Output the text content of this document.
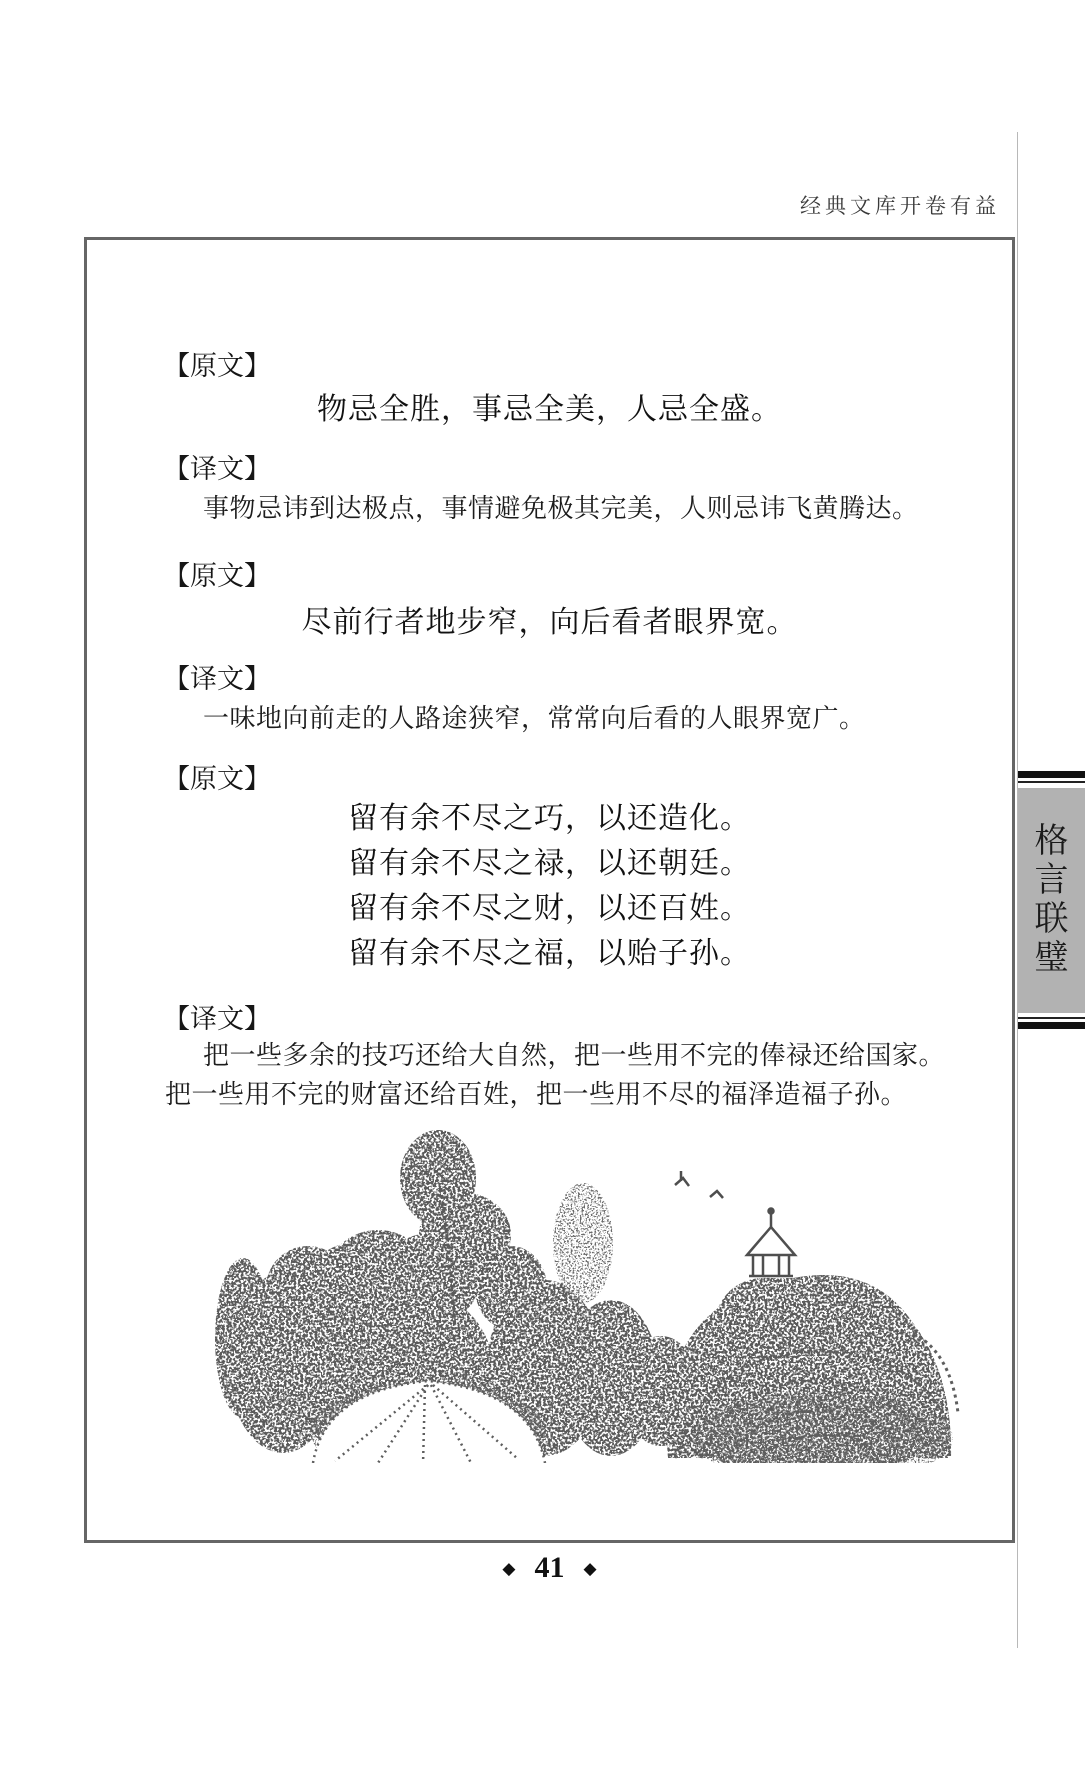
经典文库开卷有益
【原文】
物忌全胜，事忌全美，人忌全盛。
【译文】
事物忌讳到达极点，事情避免极其完美，人则忌讳飞黄腾达。
【原文】
尽前行者地步窄，向后看者眼界宽。
【译文】
一味地向前走的人路途狭窄，常常向后看的人眼界宽广。
【原文】
留有余不尽之巧，以还造化。
留有余不尽之禄，以还朝廷。
留有余不尽之财，以还百姓。
留有余不尽之福，以贻子孙。
【译文】

把一些多余的技巧还给大自然，把一些用不完的俸禄还给国家。

把一些用不完的财富还给百姓，把一些用不尽的福泽造福子孙。

格
言
联
璧
◆ 41 ◆
